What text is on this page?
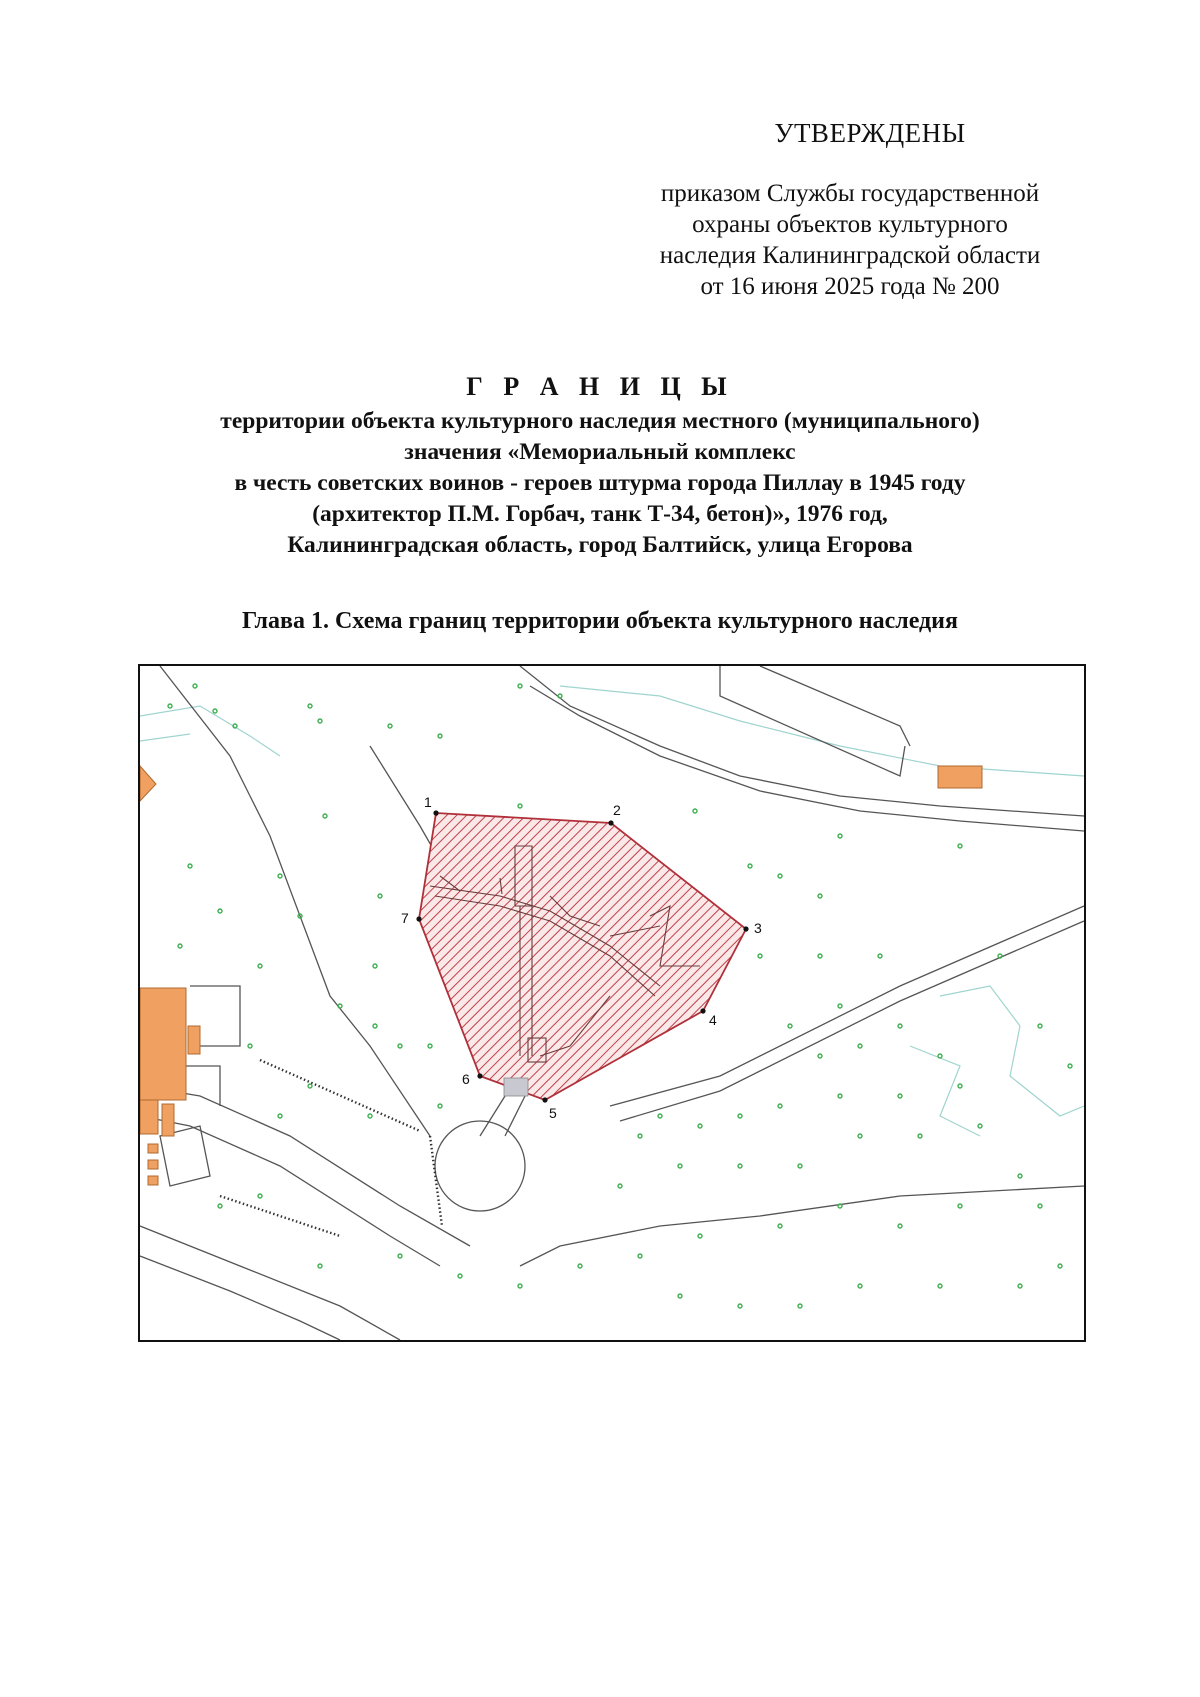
УТВЕРЖДЕНЫ
приказом Службы государственной
охраны объектов культурного
наследия Калининградской области
от 16 июня 2025 года № 200
Г Р А Н И Ц Ы
территории объекта культурного наследия местного (муниципального)
значения «Мемориальный комплекс
в честь советских воинов - героев штурма города Пиллау в 1945 году
(архитектор П.М. Горбач, танк Т-34, бетон)», 1976 год,
Калининградская область, город Балтийск, улица Егорова
Глава 1. Схема границ территории объекта культурного наследия
1	2
3
4
5
6
7
